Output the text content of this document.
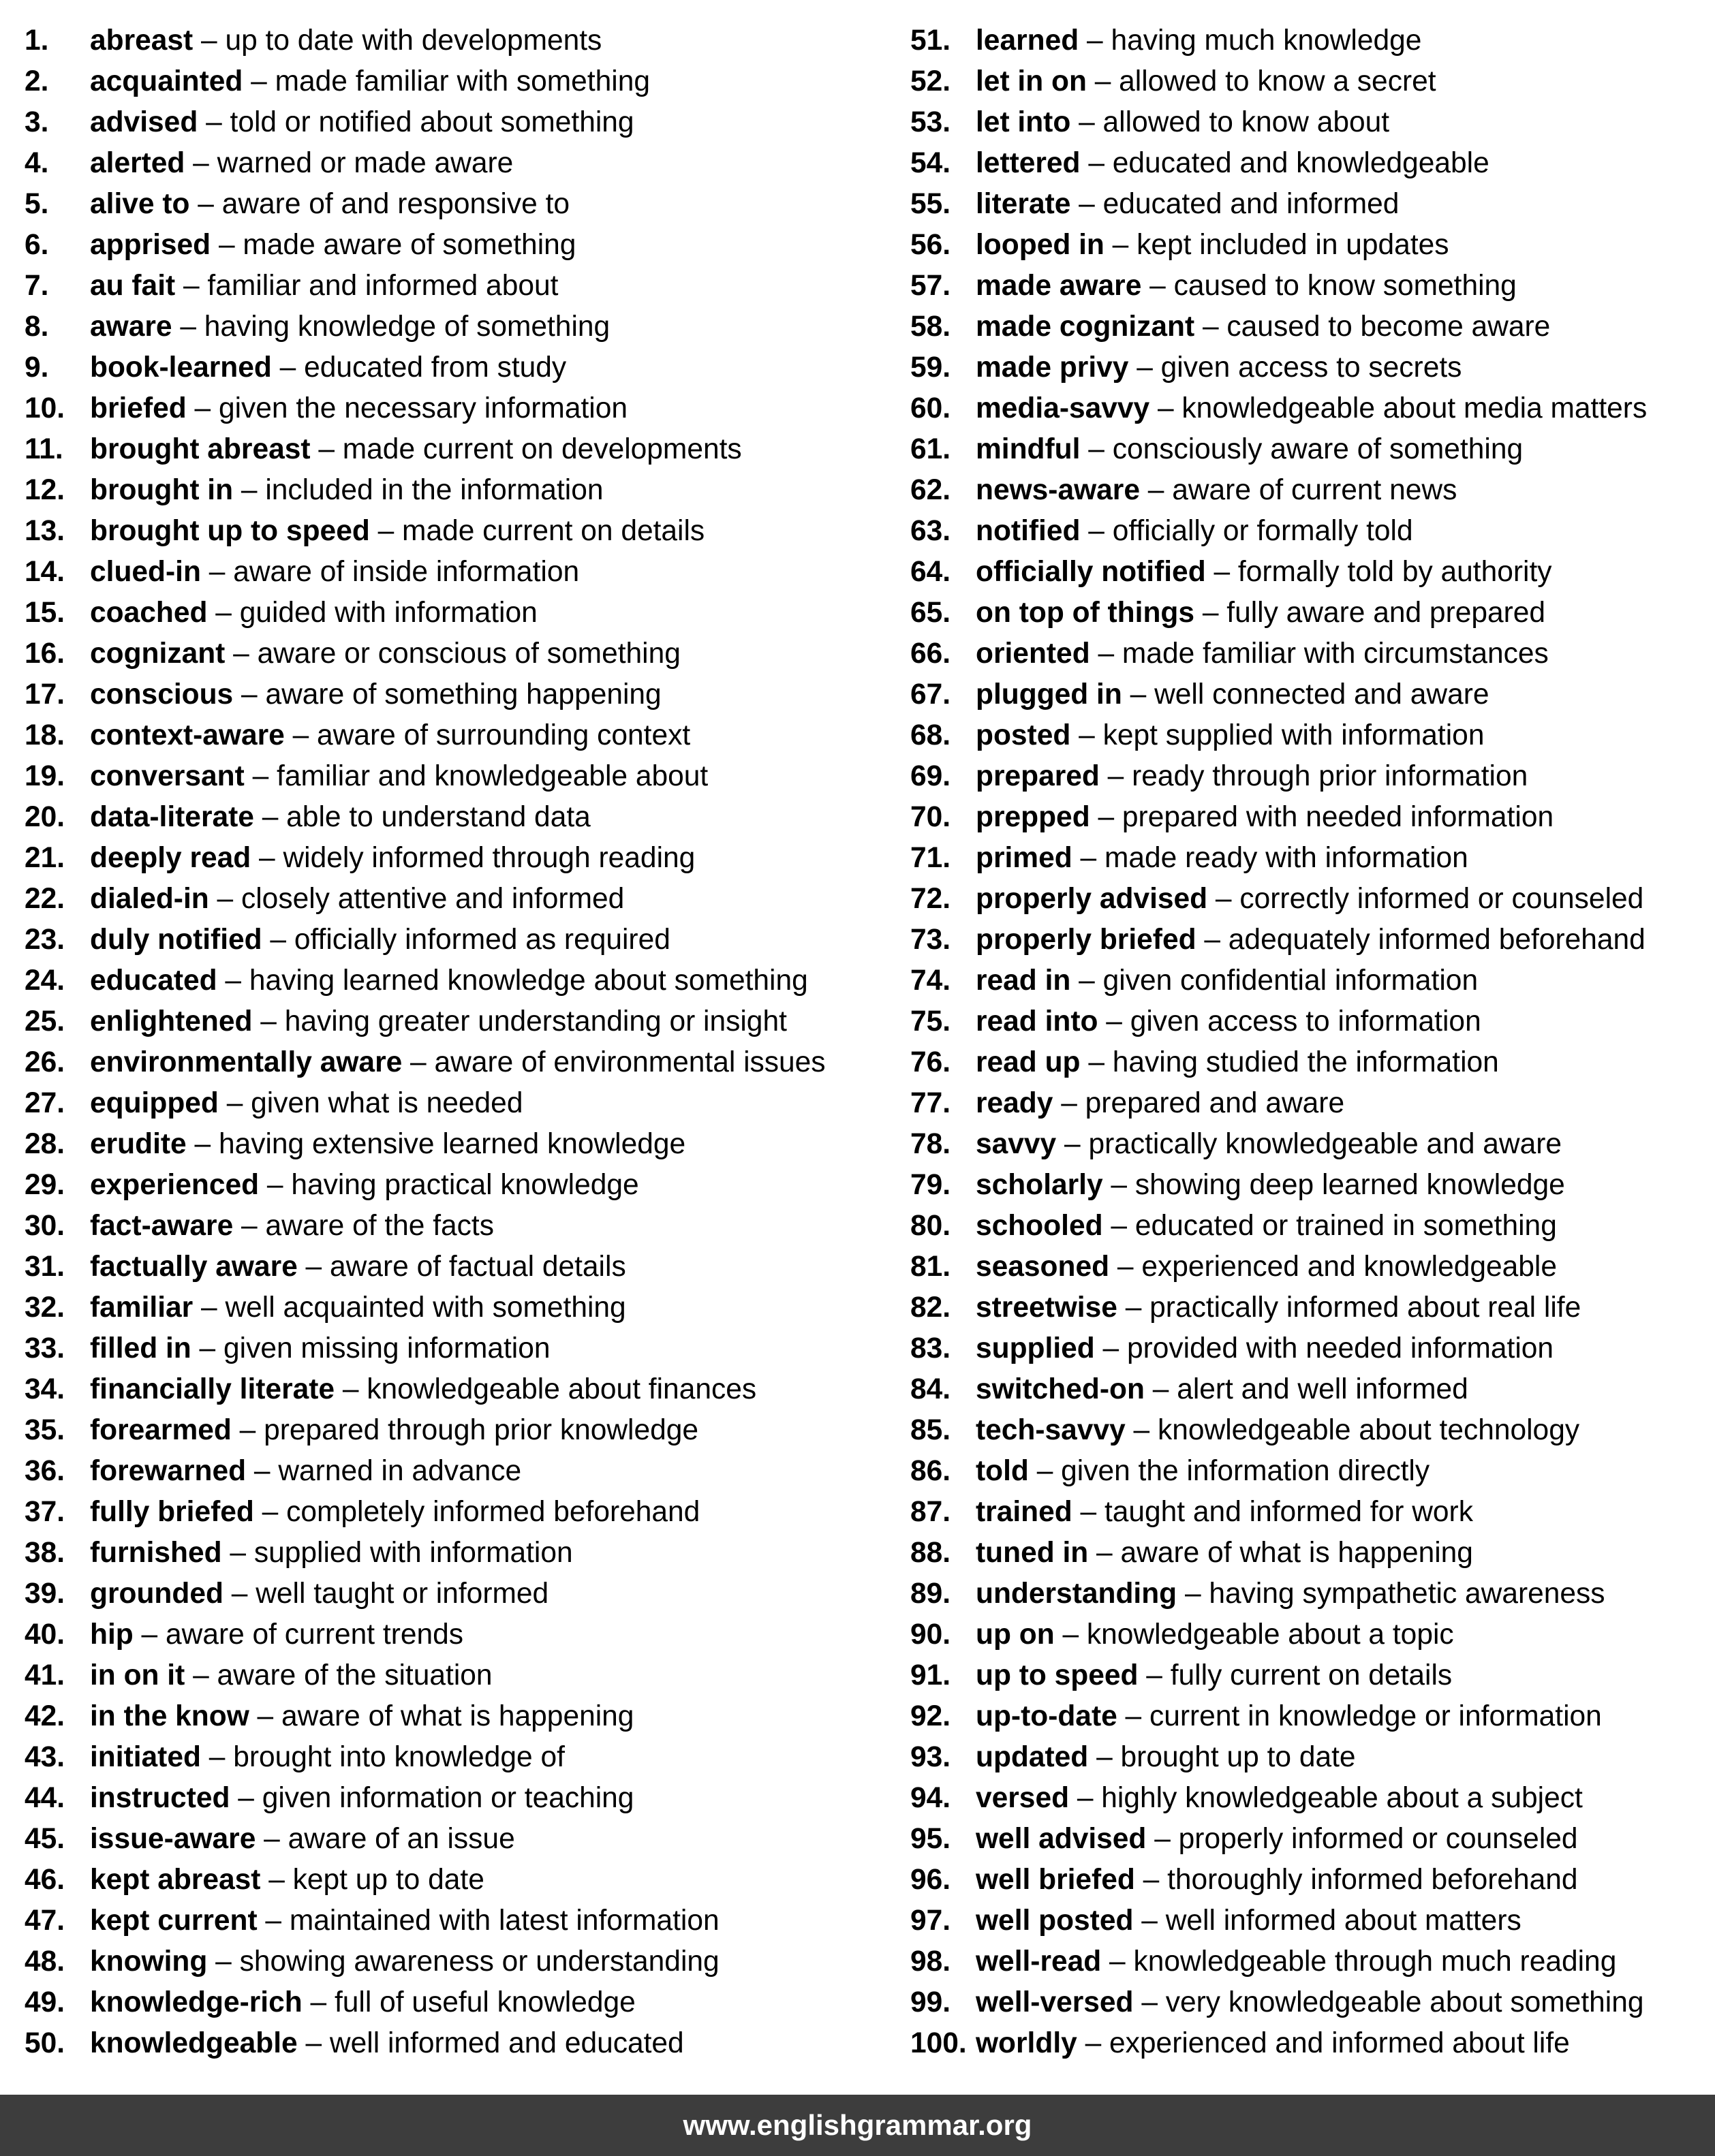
1. abreast – up to date with developments
2. acquainted – made familiar with something
3. advised – told or notified about something
4. alerted – warned or made aware
5. alive to – aware of and responsive to
6. apprised – made aware of something
7. au fait – familiar and informed about
8. aware – having knowledge of something
9. book-learned – educated from study
10. briefed – given the necessary information
11. brought abreast – made current on developments
12. brought in – included in the information
13. brought up to speed – made current on details
14. clued-in – aware of inside information
15. coached – guided with information
16. cognizant – aware or conscious of something
17. conscious – aware of something happening
18. context-aware – aware of surrounding context
19. conversant – familiar and knowledgeable about
20. data-literate – able to understand data
21. deeply read – widely informed through reading
22. dialed-in – closely attentive and informed
23. duly notified – officially informed as required
24. educated – having learned knowledge about something
25. enlightened – having greater understanding or insight
26. environmentally aware – aware of environmental issues
27. equipped – given what is needed
28. erudite – having extensive learned knowledge
29. experienced – having practical knowledge
30. fact-aware – aware of the facts
31. factually aware – aware of factual details
32. familiar – well acquainted with something
33. filled in – given missing information
34. financially literate – knowledgeable about finances
35. forearmed – prepared through prior knowledge
36. forewarned – warned in advance
37. fully briefed – completely informed beforehand
38. furnished – supplied with information
39. grounded – well taught or informed
40. hip – aware of current trends
41. in on it – aware of the situation
42. in the know – aware of what is happening
43. initiated – brought into knowledge of
44. instructed – given information or teaching
45. issue-aware – aware of an issue
46. kept abreast – kept up to date
47. kept current – maintained with latest information
48. knowing – showing awareness or understanding
49. knowledge-rich – full of useful knowledge
50. knowledgeable – well informed and educated
51. learned – having much knowledge
52. let in on – allowed to know a secret
53. let into – allowed to know about
54. lettered – educated and knowledgeable
55. literate – educated and informed
56. looped in – kept included in updates
57. made aware – caused to know something
58. made cognizant – caused to become aware
59. made privy – given access to secrets
60. media-savvy – knowledgeable about media matters
61. mindful – consciously aware of something
62. news-aware – aware of current news
63. notified – officially or formally told
64. officially notified – formally told by authority
65. on top of things – fully aware and prepared
66. oriented – made familiar with circumstances
67. plugged in – well connected and aware
68. posted – kept supplied with information
69. prepared – ready through prior information
70. prepped – prepared with needed information
71. primed – made ready with information
72. properly advised – correctly informed or counseled
73. properly briefed – adequately informed beforehand
74. read in – given confidential information
75. read into – given access to information
76. read up – having studied the information
77. ready – prepared and aware
78. savvy – practically knowledgeable and aware
79. scholarly – showing deep learned knowledge
80. schooled – educated or trained in something
81. seasoned – experienced and knowledgeable
82. streetwise – practically informed about real life
83. supplied – provided with needed information
84. switched-on – alert and well informed
85. tech-savvy – knowledgeable about technology
86. told – given the information directly
87. trained – taught and informed for work
88. tuned in – aware of what is happening
89. understanding – having sympathetic awareness
90. up on – knowledgeable about a topic
91. up to speed – fully current on details
92. up-to-date – current in knowledge or information
93. updated – brought up to date
94. versed – highly knowledgeable about a subject
95. well advised – properly informed or counseled
96. well briefed – thoroughly informed beforehand
97. well posted – well informed about matters
98. well-read – knowledgeable through much reading
99. well-versed – very knowledgeable about something
100. worldly – experienced and informed about life
www.englishgrammar.org
